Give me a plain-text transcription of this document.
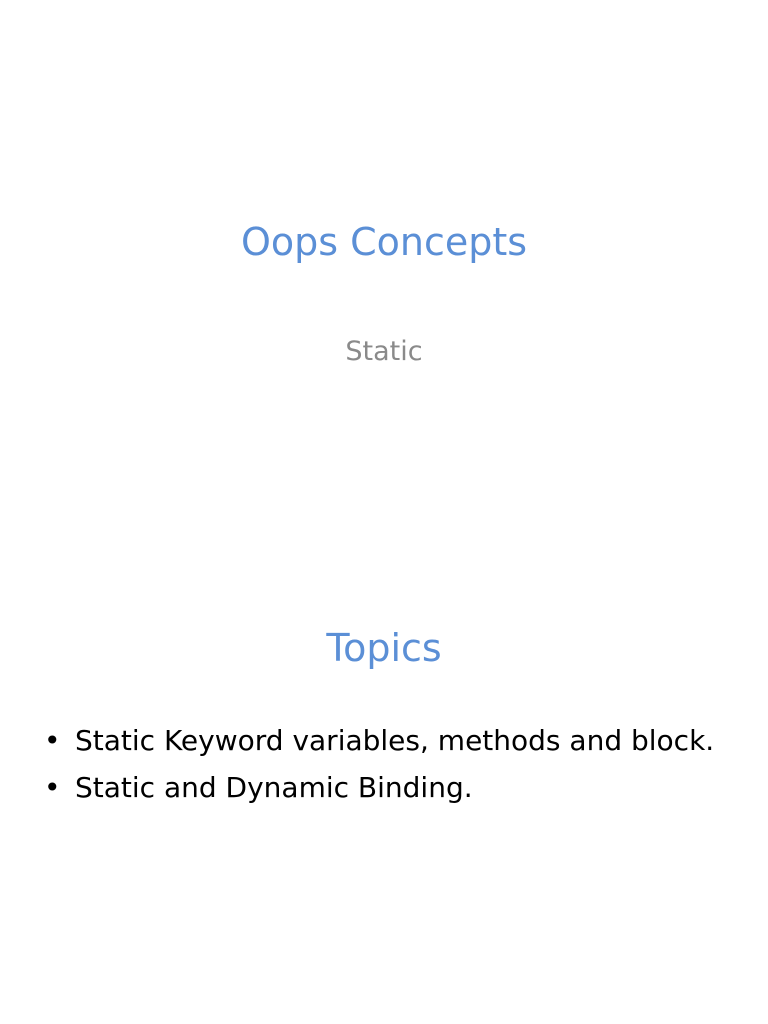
Oops Concepts
Static
Topics
• Static Keyword variables, methods and block.
• Static and Dynamic Binding.
